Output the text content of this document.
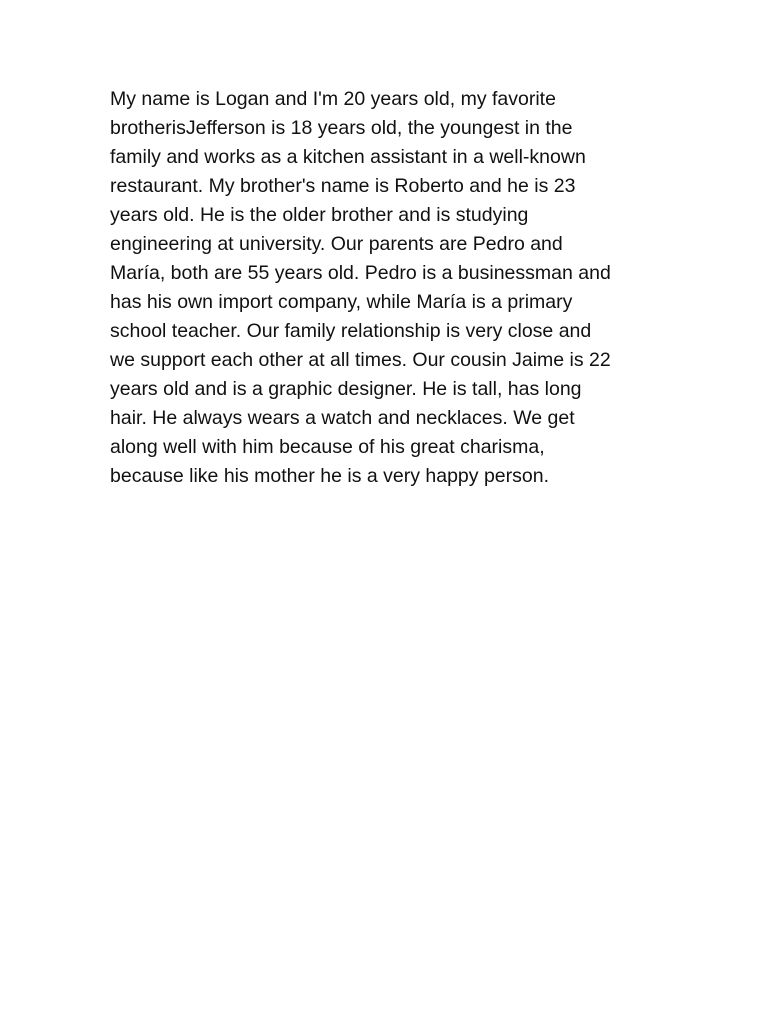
My name is Logan and I'm 20 years old, my favorite
brotherisJefferson is 18 years old, the youngest in the
family and works as a kitchen assistant in a well-known
restaurant. My brother's name is Roberto and he is 23
years old. He is the older brother and is studying
engineering at university. Our parents are Pedro and
María, both are 55 years old. Pedro is a businessman and
has his own import company, while María is a primary
school teacher. Our family relationship is very close and
we support each other at all times. Our cousin Jaime is 22
years old and is a graphic designer. He is tall, has long
hair. He always wears a watch and necklaces. We get
along well with him because of his great charisma,
because like his mother he is a very happy person.
